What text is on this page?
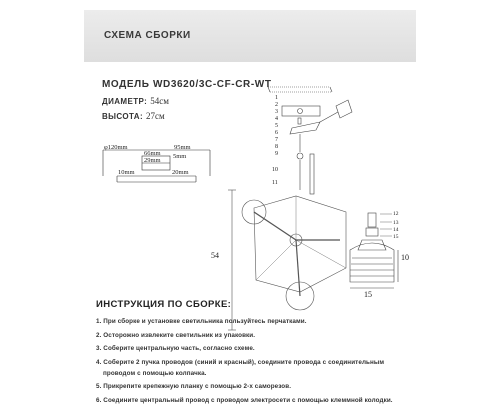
СХЕМА СБОРКИ
МОДЕЛЬ WD3620/3C-CF-CR-WT
ДИАМЕТР: 54см
ВЫСОТА: 27см
φ120mm	95mm
66mm 5mm
29mm
10mm	20mm
1
2
3
4
5
6
7
8
9
10
11
54
12
13
14
15
10
15
ИНСТРУКЦИЯ ПО СБОРКЕ:
1. При сборке и установке светильника пользуйтесь перчатками.
2. Осторожно извлеките светильник из упаковки.
3. Соберите центральную часть, согласно схеме.
4. Соберите 2 пучка проводов (синий и красный), соедините провода с соединительным
проводом с помощью колпачка.
5. Прикрепите крепежную планку с помощью 2-х саморезов.
6. Соедините центральный провод с проводом электросети с помощью клеммной колодки.
